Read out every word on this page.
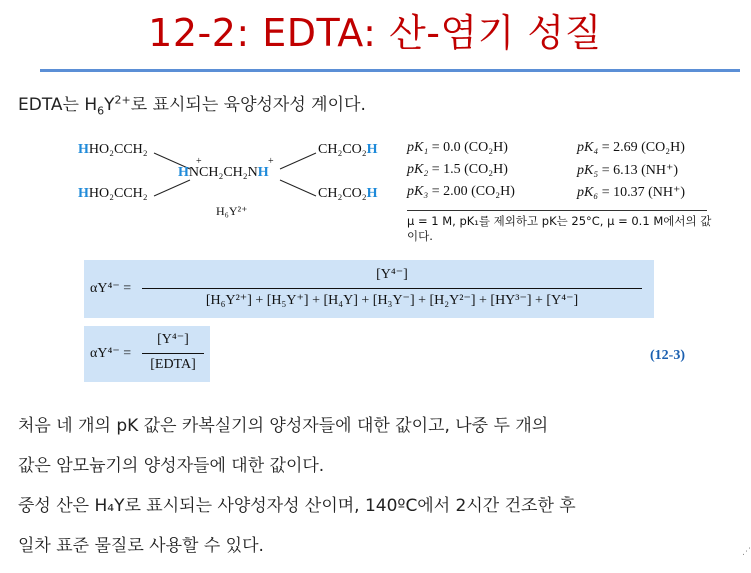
12-2: EDTA: 산-염기 성질
EDTA는 $H_6Y^{2+}$로 표시되는 육양성자성 계이다.
HHO₂CCH₂
HHO₂CCH₂
CH₂CO₂H
CH₂CO₂H
+	+
HNCH₂CH₂NH
H₆Y²⁺
pK₁ = 0.0 (CO₂H)
pK₂ = 1.5 (CO₂H)
pK₃ = 2.00 (CO₂H)
pK₄ = 2.69 (CO₂H)
pK₅ = 6.13 (NH⁺)
pK₆ = 10.37 (NH⁺)
μ = 1 M, pK₁를 제외하고 pK는 25°C, μ = 0.1 M에서의 값이다.
αY⁴⁻ =
[Y⁴⁻]
[H₆Y²⁺] + [H₅Y⁺] + [H₄Y] + [H₃Y⁻] + [H₂Y²⁻] + [HY³⁻] + [Y⁴⁻]
αY⁴⁻ =
[Y⁴⁻]
[EDTA]
(12-3)
처음 네 개의 pK 값은 카복실기의 양성자들에 대한 값이고, 나중 두 개의
값은 암모늄기의 양성자들에 대한 값이다.
중성 산은 H₄Y로 표시되는 사양성자성 산이며, 140ºC에서 2시간 건조한 후
일차 표준 물질로 사용할 수 있다.	⋰
